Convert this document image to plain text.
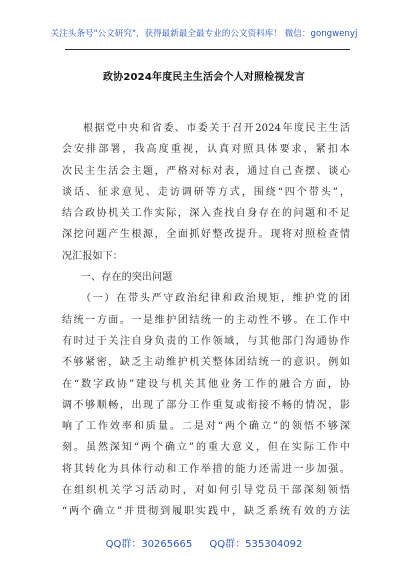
关注头条号"公文研究"，获得最新最全最专业的公文资料库！ 微信：gongwenyj
政协2024年度民主生活会个人对照检视发言
根据党中央和省委、市委关于召开2024年度民主生活
会安排部署，我高度重视，认真对照具体要求，紧扣本
次民主生活会主题，严格对标对表，通过自己查摆、谈心
谈话、征求意见、走访调研等方式，围绕“四个带头”，
结合政协机关工作实际，深入查找自身存在的问题和不足
深挖问题产生根源，全面抓好整改提升。现将对照检查情
况汇报如下：
一、存在的突出问题
（一）在带头严守政治纪律和政治规矩，维护党的团
结统一方面。一是维护团结统一的主动性不够。在工作中
有时过于关注自身负责的工作领域，与其他部门沟通协作
不够紧密，缺乏主动维护机关整体团结统一的意识。例如
在“数字政协”建设与机关其他业务工作的融合方面，协
调不够顺畅，出现了部分工作重复或衔接不畅的情况，影
响了工作效率和质量。二是对“两个确立”的领悟不够深
刻。虽然深知“两个确立”的重大意义，但在实际工作中
将其转化为具体行动和工作举措的能力还需进一步加强。
在组织机关学习活动时，对如何引导党员干部深刻领悟
“两个确立”并贯彻到履职实践中，缺乏系统有效的方法
QQ群：30265665 QQ群：535304092
